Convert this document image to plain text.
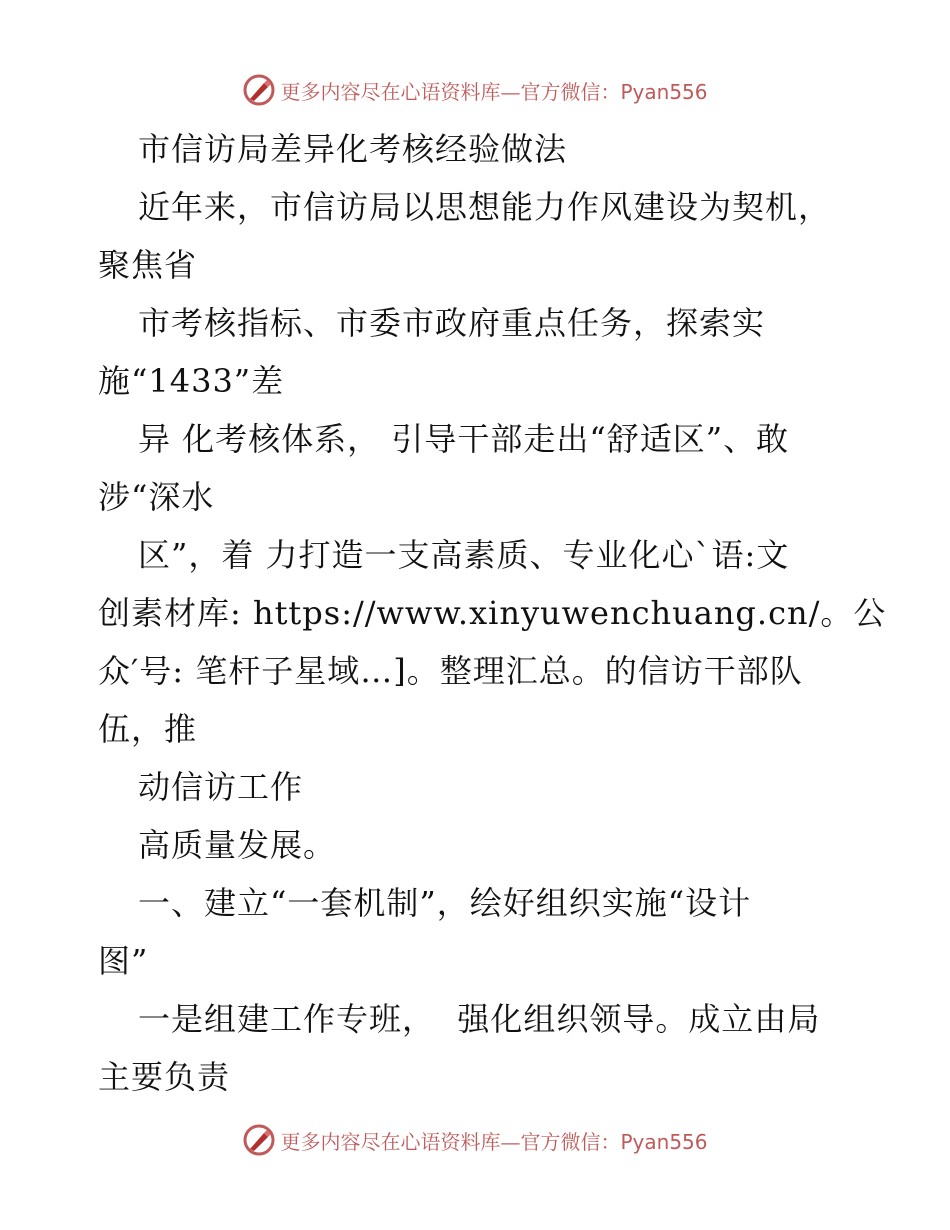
更多内容尽在心语资料库—官方微信：Pyan556
市信访局差异化考核经验做法
近年来，市信访局以思想能力作风建设为契机，
聚焦省
市考核指标、市委市政府重点任务，探索实
施“1433”差
异 化考核体系， 引导干部走出“舒适区”、敢
涉“深水
区”，着 力打造一支高素质、专业化心`语:文
创素材库: https://www.xinyuwenchuang.cn/。公
众′号: 笔杆子星域…]。整理汇总。的信访干部队
伍，推
动信访工作
高质量发展。
一、建立“一套机制”，绘好组织实施“设计
图”
一是组建工作专班，  强化组织领导。成立由局
主要负责
更多内容尽在心语资料库—官方微信：Pyan556
